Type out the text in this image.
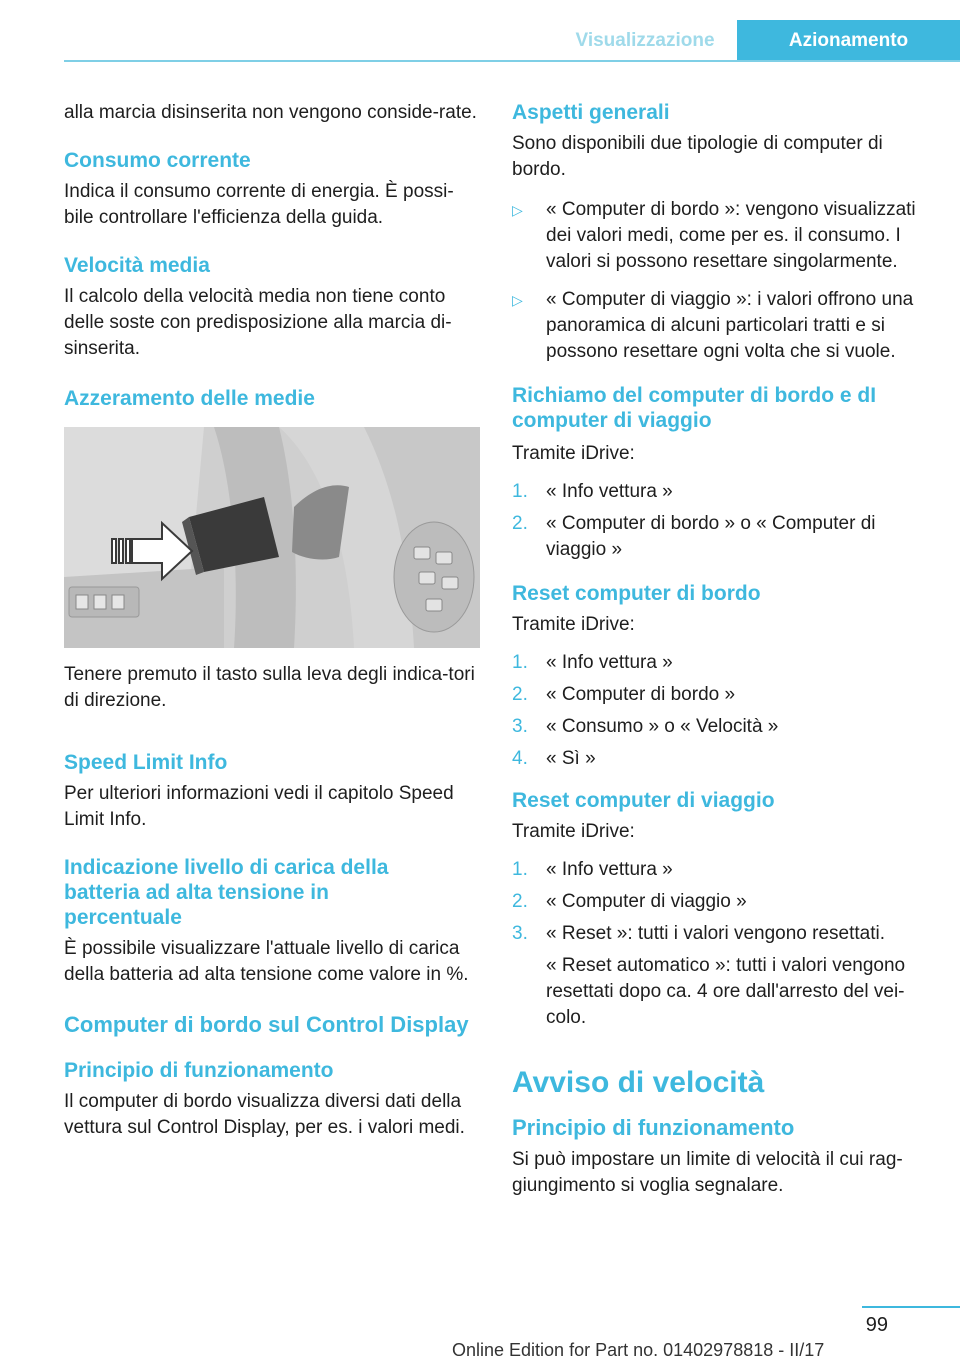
Visualizzazione	Azionamento

alla marcia disinserita non vengono conside‐rate.

Consumo corrente

Indica il consumo corrente di energia. È possi‐bile controllare l'efficienza della guida.

Velocità media

Il calcolo della velocità media non tiene conto delle soste con predisposizione alla marcia di‐sinserita.

Azzeramento delle medie

Tenere premuto il tasto sulla leva degli indica‐tori di direzione.

Speed Limit Info

Per ulteriori informazioni vedi il capitolo Speed Limit Info.

Indicazione livello di carica della batteria ad alta tensione in percentuale

È possibile visualizzare l'attuale livello di carica della batteria ad alta tensione come valore in %.

Computer di bordo sul Control Display
Principio di funzionamento

Il computer di bordo visualizza diversi dati della vettura sul Control Display, per es. i valori medi.

Aspetti generali

Sono disponibili due tipologie di computer di bordo.

▷	« Computer di bordo »: vengono visualizzati dei valori medi, come per es. il consumo. I valori si possono resettare singolarmente.
▷	« Computer di viaggio »: i valori offrono una panoramica di alcuni particolari tratti e si possono resettare ogni volta che si vuole.
Richiamo del computer di bordo e dI computer di viaggio

Tramite iDrive:

1. « Info vettura »
2. « Computer di bordo » o « Computer di viaggio »
Reset computer di bordo

Tramite iDrive:

1. « Info vettura »
2. « Computer di bordo »
3. « Consumo » o « Velocità »
4. « Sì »
Reset computer di viaggio

Tramite iDrive:

1. « Info vettura »
2. « Computer di viaggio »
3. « Reset »: tutti i valori vengono resettati.

« Reset automatico »: tutti i valori vengono resettati dopo ca. 4 ore dall'arresto del vei‐colo.

Avviso di velocità
Principio di funzionamento

Si può impostare un limite di velocità il cui rag‐giungimento si voglia segnalare.

99
Online Edition for Part no. 01402978818 - II/17
